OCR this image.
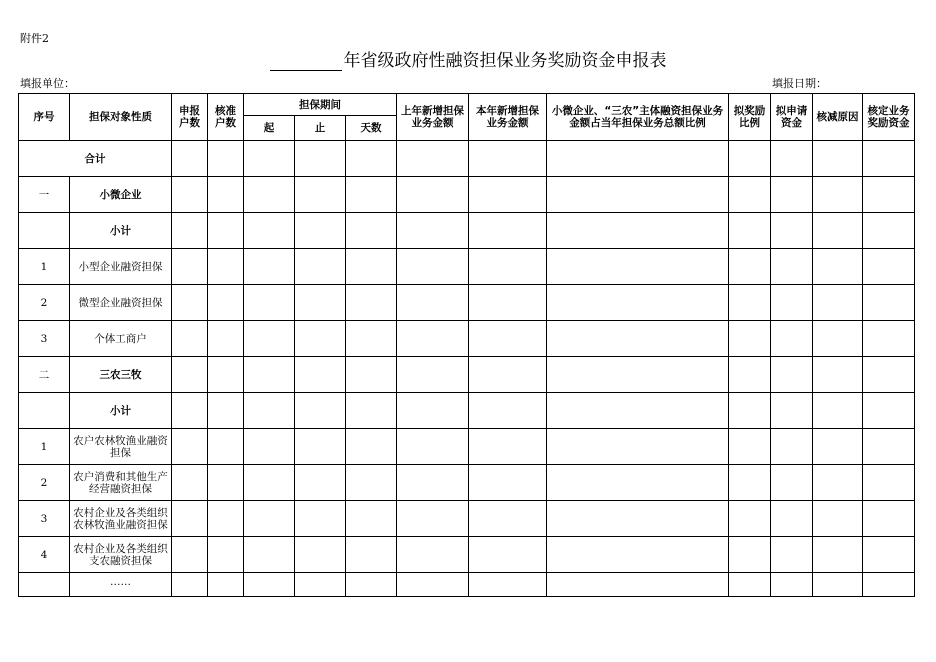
附件2
年省级政府性融资担保业务奖励资金申报表
填报单位：	填报日期：
序号	担保对象性质	申报户数	核准户数	担保期间			上年新增担保业务金额	本年新增担保业务金额	小微企业、“三农”主体融资担保业务金额占当年担保业务总额比例	拟奖励比例	拟申请资金	核减原因	核定业务奖励资金

				起	止	天数							
合计													
一	小微企业												

	小计												

1	小型企业融资担保												

2	微型企业融资担保												

3	个体工商户												

二	三农三牧												

	小计												

1	农户农林牧渔业融资担保												

2	农户消费和其他生产经营融资担保												

3	农村企业及各类组织农林牧渔业融资担保												

4	农村企业及各类组织支农融资担保												

	……												
